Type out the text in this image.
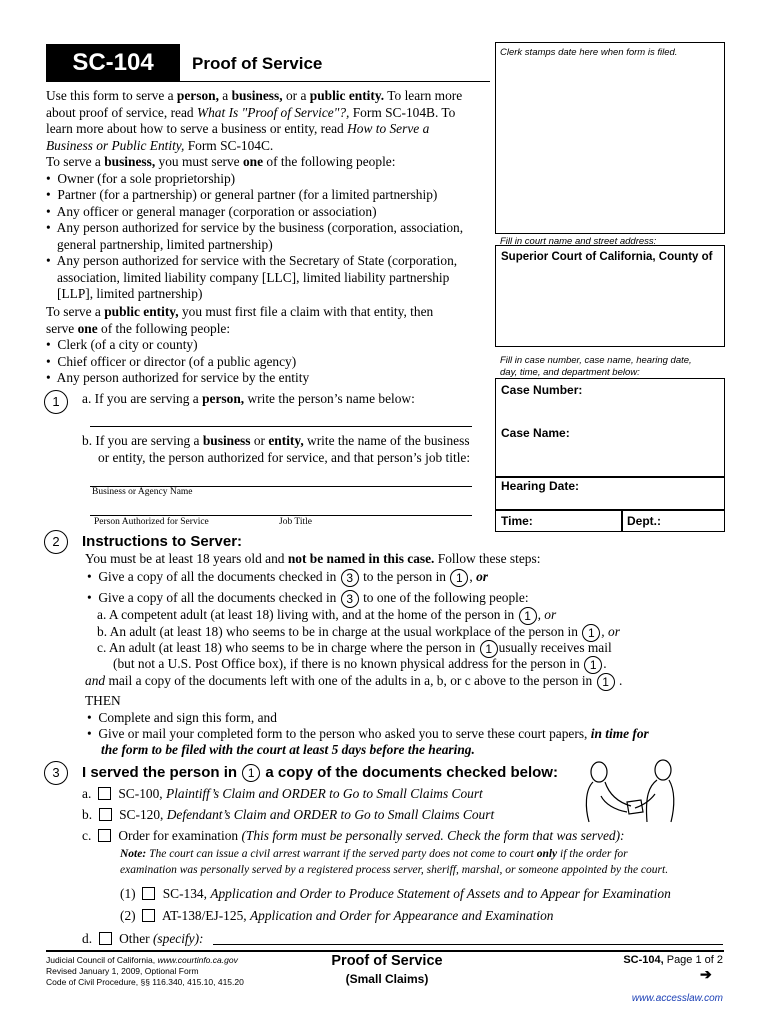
SC-104	Proof of Service
Clerk stamps date here when form is filed.
Fill in court name and street address:
Superior Court of California, County of
Fill in case number, case name, hearing date,
day, time, and department below:
Case Number:
Case Name:
Hearing Date:
Time:	Dept.:
Use this form to serve a person, a business, or a public entity. To learn more
about proof of service, read What Is "Proof of Service"?, Form SC-104B. To
learn more about how to serve a business or entity, read How to Serve a
Business or Public Entity, Form SC-104C.
To serve a business, you must serve one of the following people:
•  Owner (for a sole proprietorship)
•  Partner (for a partnership) or general partner (for a limited partnership)
•  Any officer or general manager (corporation or association)
•  Any person authorized for service by the business (corporation, association,
general partnership, limited partnership)
•  Any person authorized for service with the Secretary of State (corporation,
association, limited liability company [LLC], limited liability partnership
[LLP], limited partnership)
To serve a public entity, you must first file a claim with that entity, then
serve one of the following people:
•  Clerk (of a city or county)
•  Chief officer or director (of a public agency)
•  Any person authorized for service by the entity
1	a. If you are serving a person, write the person’s name below:
b. If you are serving a business or entity, write the name of the business
or entity, the person authorized for service, and that person’s job title:
Business or Agency Name
Person Authorized for Service	Job Title
2	Instructions to Server:
You must be at least 18 years old and not be named in this case. Follow these steps:
•  Give a copy of all the documents checked in 3 to the person in 1 , or
•  Give a copy of all the documents checked in 3 to one of the following people:
a. A competent adult (at least 18) living with, and at the home of the person in 1 , or
b. An adult (at least 18) who seems to be in charge at the usual workplace of the person in 1 , or
c. An adult (at least 18) who seems to be in charge where the person in 1 usually receives mail
(but not a U.S. Post Office box), if there is no known physical address for the person in 1 .
and mail a copy of the documents left with one of the adults in a, b, or c above to the person in 1 .
THEN
•  Complete and sign this form, and
•  Give or mail your completed form to the person who asked you to serve these court papers, in time for
the form to be filed with the court at least 5 days before the hearing.
3	I served the person in 1 a copy of the documents checked below:
a. SC-100, Plaintiff’s Claim and ORDER to Go to Small Claims Court
b. SC-120, Defendant’s Claim and ORDER to Go to Small Claims Court
c. Order for examination (This form must be personally served. Check the form that was served):
Note: The court can issue a civil arrest warrant if the served party does not come to court only if the order for
examination was personally served by a registered process server, sheriff, marshal, or someone appointed by the court.
(1) SC-134, Application and Order to Produce Statement of Assets and to Appear for Examination
(2) AT-138/EJ-125, Application and Order for Appearance and Examination
d. Other (specify):
Judicial Council of California, www.courtinfo.ca.gov
Revised January 1, 2009, Optional Form
Code of Civil Procedure, §§ 116.340, 415.10, 415.20
Proof of Service
(Small Claims)
SC-104, Page 1 of 2
➔
www.accesslaw.com
